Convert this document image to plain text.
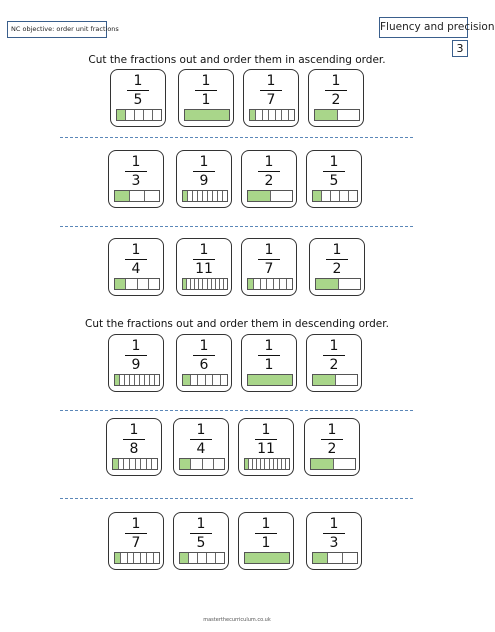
NC objective: order unit fractions	Fluency and precision
3
Cut the fractions out and order them in ascending order.
Cut the fractions out and order them in descending order.
1
5
1
1
1
7
1
2
1
3
1
9
1
2
1
5
1
4
1
11
1
7
1
2
1
9
1
6
1
1
1
2
1
8
1
4
1
11
1
2
1
7
1
5
1
1
1
3
masterthecurriculum.co.uk
